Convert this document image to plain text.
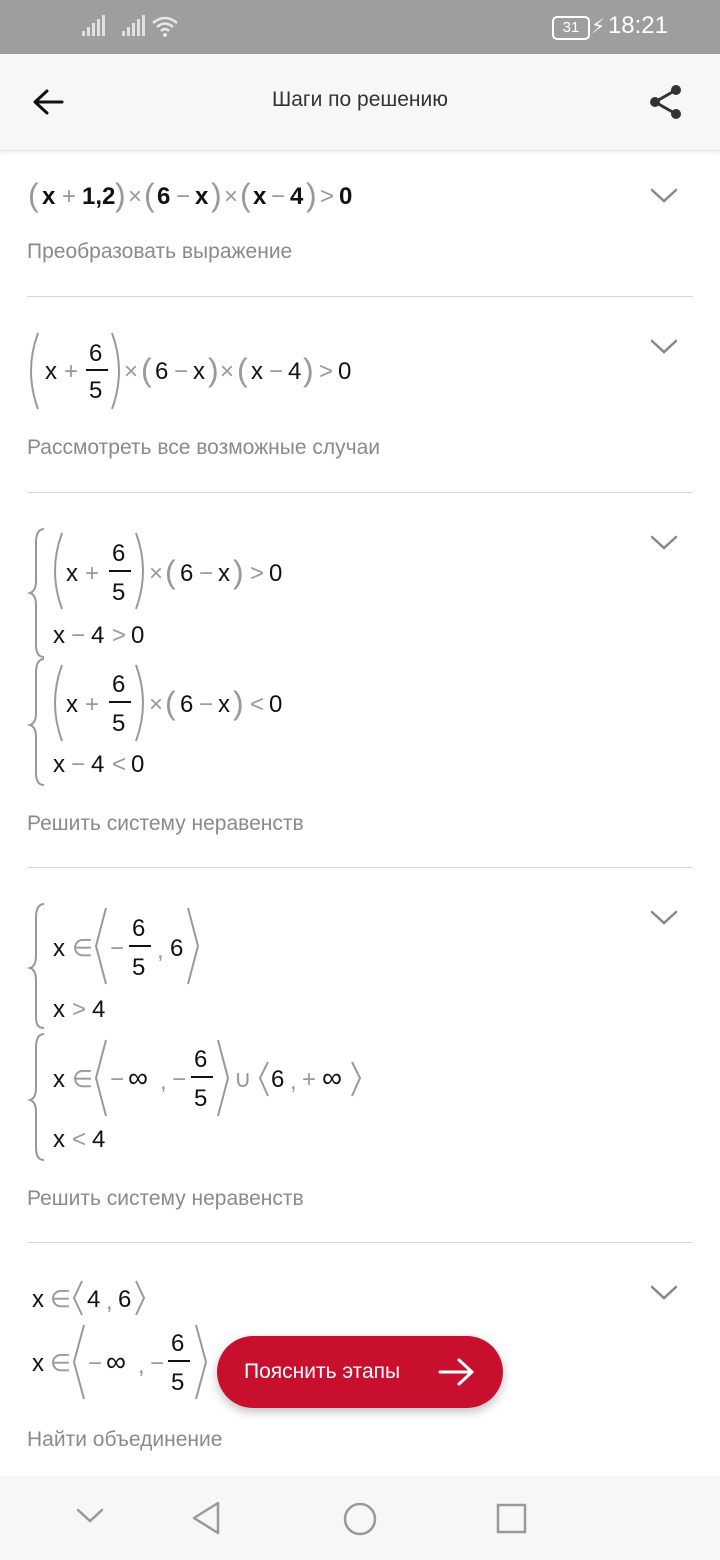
31 ⚡ 18:21
Шаги по решению
( x + 1,2 ) × ( 6 − x ) × ( x − 4 ) > 0
Преобразовать выражение
x +
6
5
× ( 6 − x ) × ( x − 4 ) > 0
Рассмотреть все возможные случаи
x +
6
5
× ( 6 − x ) > 0
x − 4 > 0
x +
6
5
× ( 6 − x ) < 0
x − 4 < 0
Решить систему неравенств
x ∈ −
6
5
, 6
x > 4
x ∈ − ∞ , −
6
5
∪ 6 , + ∞
x < 4
Решить систему неравенств
x ∈ 4 , 6
x ∈ − ∞ , −
6
5
Найти объединение
Пояснить этапы
